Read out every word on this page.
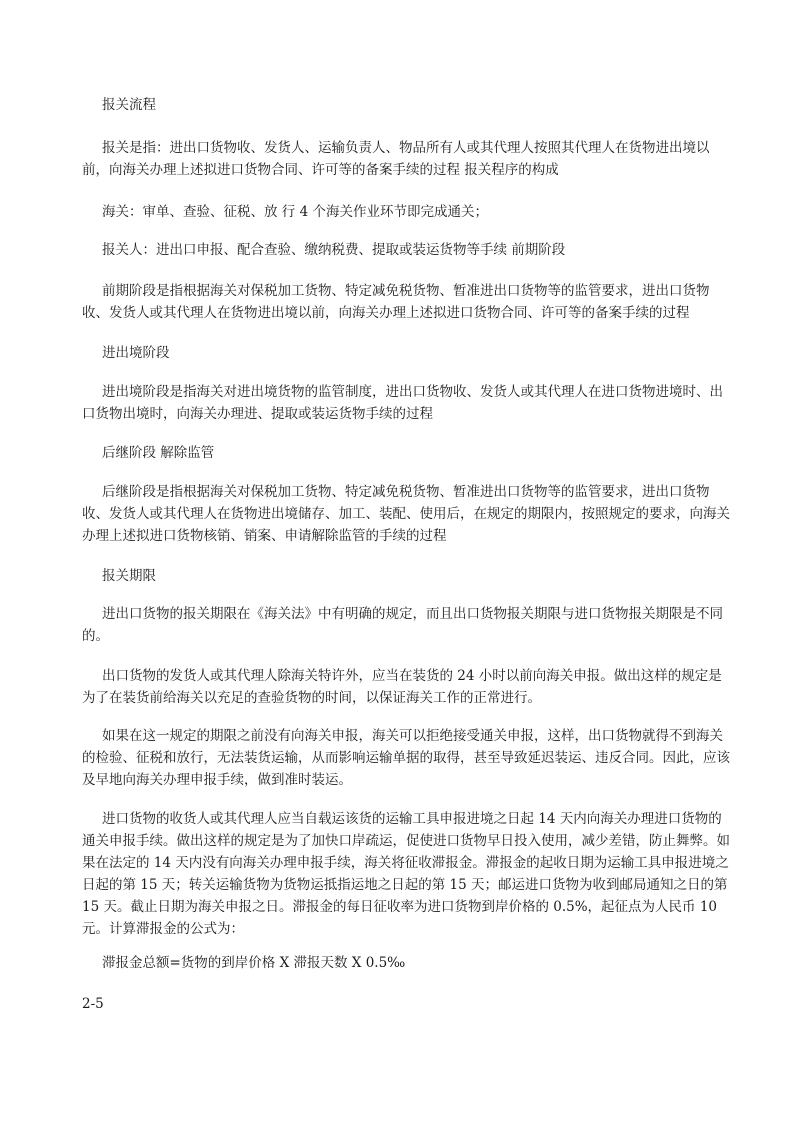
报关流程

报关是指：进出口货物收、发货人、运输负责人、物品所有人或其代理人按照其代理人在货物进出境以前，向海关办理上述拟进口货物合同、许可等的备案手续的过程 报关程序的构成

海关：审单、查验、征税、放 行 4 个海关作业环节即完成通关；

报关人：进出口申报、配合查验、缴纳税费、提取或装运货物等手续 前期阶段

前期阶段是指根据海关对保税加工货物、特定减免税货物、暂准进出口货物等的监管要求，进出口货物收、发货人或其代理人在货物进出境以前，向海关办理上述拟进口货物合同、许可等的备案手续的过程

进出境阶段

进出境阶段是指海关对进出境货物的监管制度，进出口货物收、发货人或其代理人在进口货物进境时、出口货物出境时，向海关办理进、提取或装运货物手续的过程

后继阶段 解除监管

后继阶段是指根据海关对保税加工货物、特定减免税货物、暂准进出口货物等的监管要求，进出口货物收、发货人或其代理人在货物进出境储存、加工、装配、使用后，在规定的期限内，按照规定的要求，向海关办理上述拟进口货物核销、销案、申请解除监管的手续的过程

报关期限

进出口货物的报关期限在《海关法》中有明确的规定，而且出口货物报关期限与进口货物报关期限是不同的。

出口货物的发货人或其代理人除海关特许外，应当在装货的 24 小时以前向海关申报。做出这样的规定是为了在装货前给海关以充足的查验货物的时间，以保证海关工作的正常进行。

如果在这一规定的期限之前没有向海关申报，海关可以拒绝接受通关申报，这样，出口货物就得不到海关的检验、征税和放行，无法装货运输，从而影响运输单据的取得，甚至导致延迟装运、违反合同。因此，应该及早地向海关办理申报手续，做到准时装运。

进口货物的收货人或其代理人应当自载运该货的运输工具申报进境之日起 14 天内向海关办理进口货物的通关申报手续。做出这样的规定是为了加快口岸疏运，促使进口货物早日投入使用，减少差错，防止舞弊。如果在法定的 14 天内没有向海关办理申报手续，海关将征收滞报金。滞报金的起收日期为运输工具申报进境之日起的第 15 天；转关运输货物为货物运抵指运地之日起的第 15 天；邮运进口货物为收到邮局通知之日的第 15 天。截止日期为海关申报之日。滞报金的每日征收率为进口货物到岸价格的 0.5%，起征点为人民币 10 元。计算滞报金的公式为：

滞报金总额=货物的到岸价格 X 滞报天数 X 0.5‰

2-5
